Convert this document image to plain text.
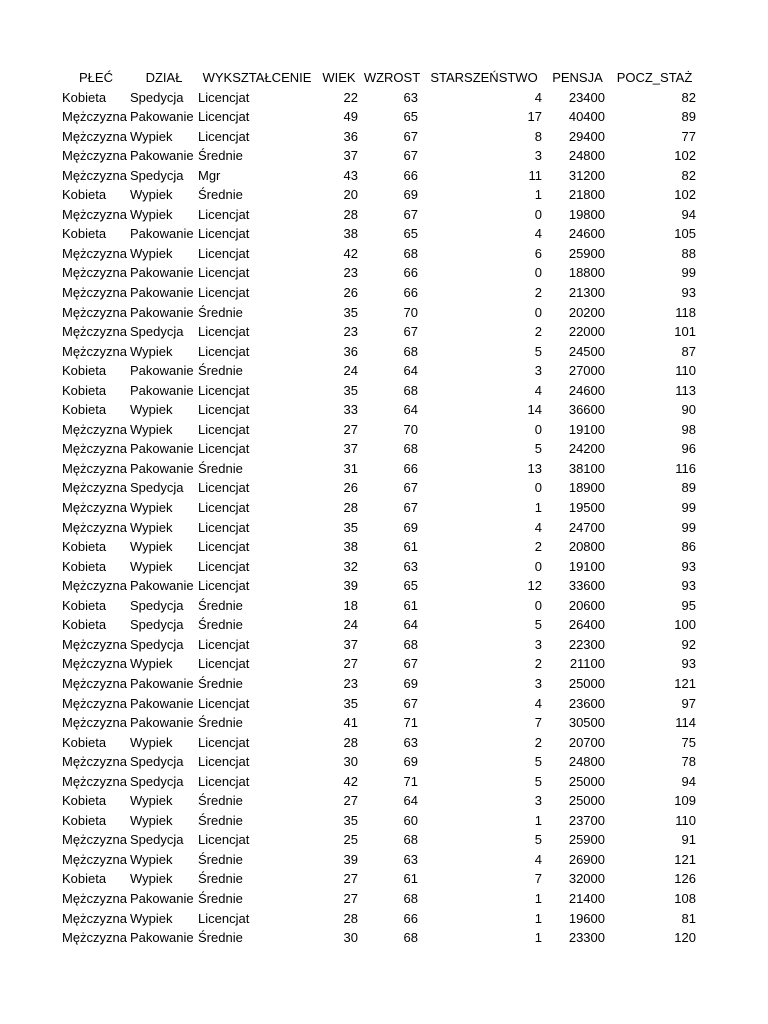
PŁEĆ	DZIAŁ	WYKSZTAŁCENIE	WIEK	WZROST	STARSZEŃSTWO	PENSJA	POCZ_STAŻ
Kobieta	Spedycja	Licencjat	22	63	4	23400	82
Mężczyzna	Pakowanie	Licencjat	49	65	17	40400	89
Mężczyzna	Wypiek	Licencjat	36	67	8	29400	77
Mężczyzna	Pakowanie	Średnie	37	67	3	24800	102
Mężczyzna	Spedycja	Mgr	43	66	11	31200	82
Kobieta	Wypiek	Średnie	20	69	1	21800	102
Mężczyzna	Wypiek	Licencjat	28	67	0	19800	94
Kobieta	Pakowanie	Licencjat	38	65	4	24600	105
Mężczyzna	Wypiek	Licencjat	42	68	6	25900	88
Mężczyzna	Pakowanie	Licencjat	23	66	0	18800	99
Mężczyzna	Pakowanie	Licencjat	26	66	2	21300	93
Mężczyzna	Pakowanie	Średnie	35	70	0	20200	118
Mężczyzna	Spedycja	Licencjat	23	67	2	22000	101
Mężczyzna	Wypiek	Licencjat	36	68	5	24500	87
Kobieta	Pakowanie	Średnie	24	64	3	27000	110
Kobieta	Pakowanie	Licencjat	35	68	4	24600	113
Kobieta	Wypiek	Licencjat	33	64	14	36600	90
Mężczyzna	Wypiek	Licencjat	27	70	0	19100	98
Mężczyzna	Pakowanie	Licencjat	37	68	5	24200	96
Mężczyzna	Pakowanie	Średnie	31	66	13	38100	116
Mężczyzna	Spedycja	Licencjat	26	67	0	18900	89
Mężczyzna	Wypiek	Licencjat	28	67	1	19500	99
Mężczyzna	Wypiek	Licencjat	35	69	4	24700	99
Kobieta	Wypiek	Licencjat	38	61	2	20800	86
Kobieta	Wypiek	Licencjat	32	63	0	19100	93
Mężczyzna	Pakowanie	Licencjat	39	65	12	33600	93
Kobieta	Spedycja	Średnie	18	61	0	20600	95
Kobieta	Spedycja	Średnie	24	64	5	26400	100
Mężczyzna	Spedycja	Licencjat	37	68	3	22300	92
Mężczyzna	Wypiek	Licencjat	27	67	2	21100	93
Mężczyzna	Pakowanie	Średnie	23	69	3	25000	121
Mężczyzna	Pakowanie	Licencjat	35	67	4	23600	97
Mężczyzna	Pakowanie	Średnie	41	71	7	30500	114
Kobieta	Wypiek	Licencjat	28	63	2	20700	75
Mężczyzna	Spedycja	Licencjat	30	69	5	24800	78
Mężczyzna	Spedycja	Licencjat	42	71	5	25000	94
Kobieta	Wypiek	Średnie	27	64	3	25000	109
Kobieta	Wypiek	Średnie	35	60	1	23700	110
Mężczyzna	Spedycja	Licencjat	25	68	5	25900	91
Mężczyzna	Wypiek	Średnie	39	63	4	26900	121
Kobieta	Wypiek	Średnie	27	61	7	32000	126
Mężczyzna	Pakowanie	Średnie	27	68	1	21400	108
Mężczyzna	Wypiek	Licencjat	28	66	1	19600	81
Mężczyzna	Pakowanie	Średnie	30	68	1	23300	120
